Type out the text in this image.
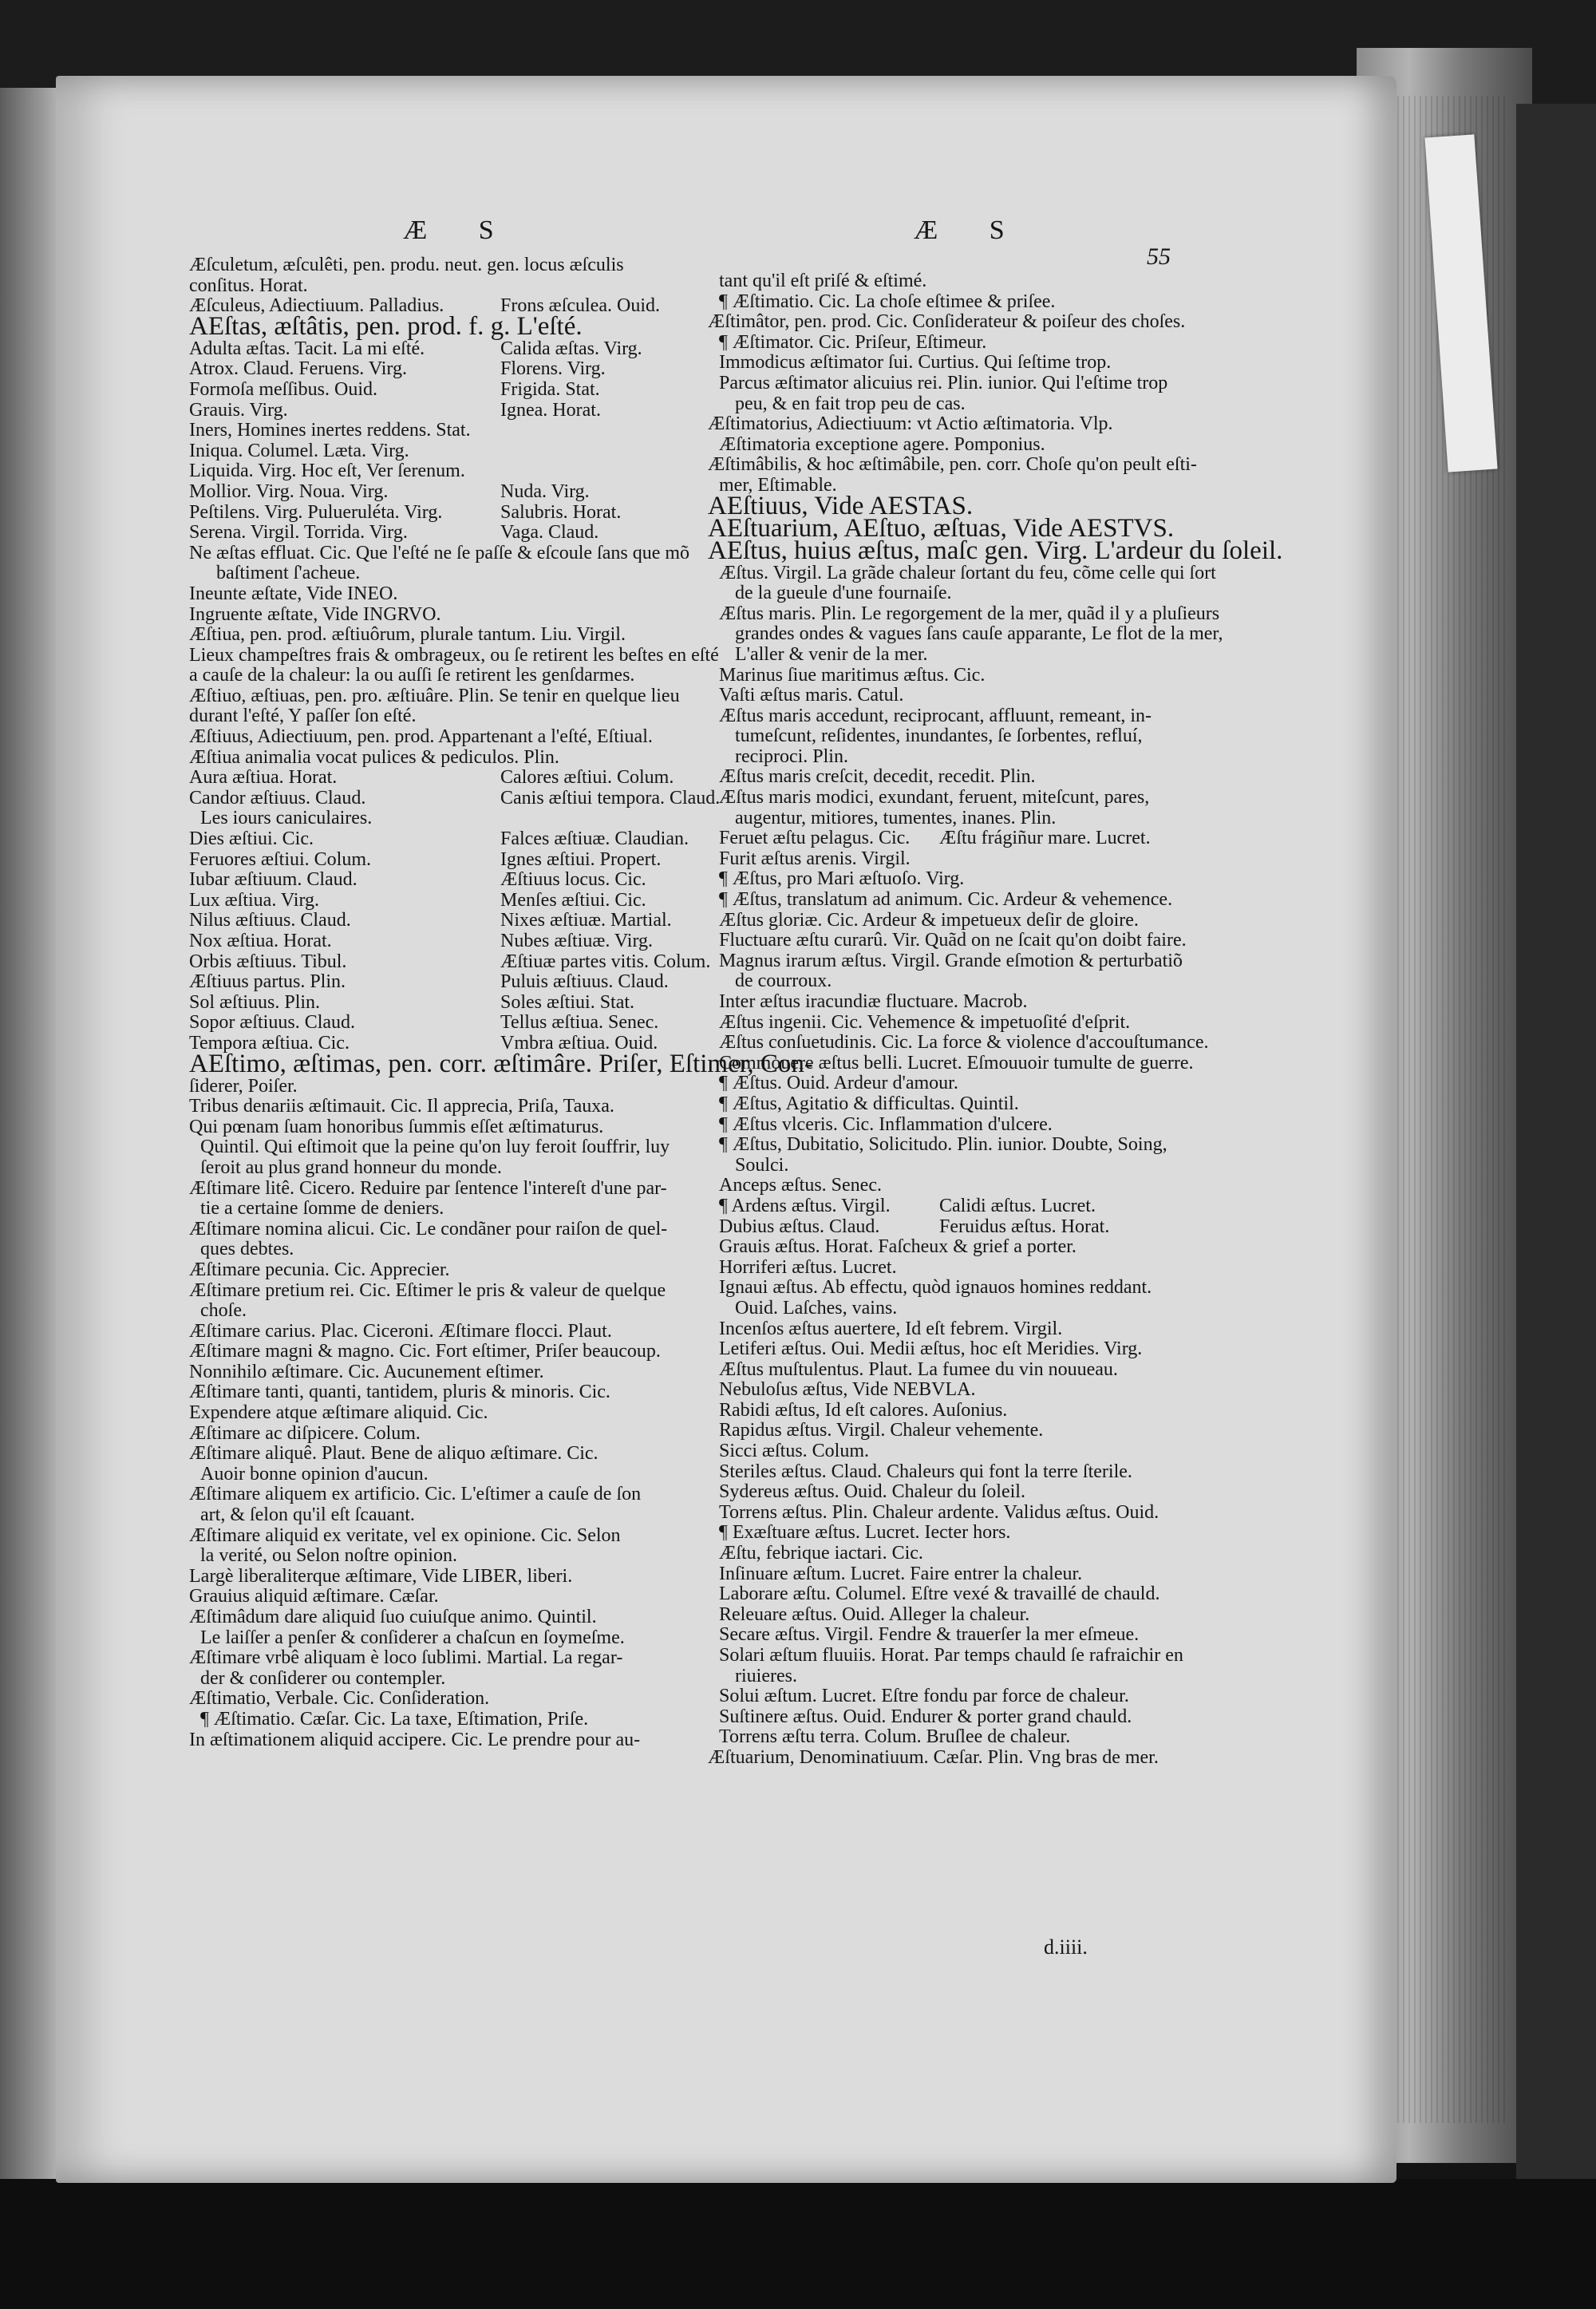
Æ S	Æ S
55
Æſculetum, æſculêti, pen. produ. neut. gen. locus æſculis
conſitus. Horat.
Æſculeus, Adiectiuum. Palladius.	Frons æſculea. Ouid.
AEſtas, æſtâtis, pen. prod. f. g. L'eſté.
Adulta æſtas. Tacit. La mi eſté.	Calida æſtas. Virg.
Atrox. Claud. Feruens. Virg.	Florens. Virg.
Formoſa meſſibus. Ouid.	Frigida. Stat.
Grauis. Virg.	Ignea. Horat.
Iners, Homines inertes reddens. Stat.
Iniqua. Columel. Læta. Virg.
Liquida. Virg. Hoc eſt, Ver ſerenum.
Mollior. Virg. Noua. Virg.	Nuda. Virg.
Peſtilens. Virg. Pulueruléta. Virg.	Salubris. Horat.
Serena. Virgil. Torrida. Virg.	Vaga. Claud.
Ne æſtas effluat. Cic. Que l'eſté ne ſe paſſe & eſcoule ſans que mõ
baſtiment ſ'acheue.
Ineunte æſtate, Vide INEO.
Ingruente æſtate, Vide INGRVO.
Æſtiua, pen. prod. æſtiuôrum, plurale tantum. Liu. Virgil.
Lieux champeſtres frais & ombrageux, ou ſe retirent les beſtes en eſté
a cauſe de la chaleur: la ou auſſi ſe retirent les genſdarmes.
Æſtiuo, æſtiuas, pen. pro. æſtiuâre. Plin. Se tenir en quelque lieu
durant l'eſté, Y paſſer ſon eſté.
Æſtiuus, Adiectiuum, pen. prod. Appartenant a l'eſté, Eſtiual.
Æſtiua animalia vocat pulices & pediculos. Plin.
Aura æſtiua. Horat.	Calores æſtiui. Colum.
Candor æſtiuus. Claud.	Canis æſtiui tempora. Claud.
Les iours caniculaires.
Dies æſtiui. Cic.	Falces æſtiuæ. Claudian.
Feruores æſtiui. Colum.	Ignes æſtiui. Propert.
Iubar æſtiuum. Claud.	Æſtiuus locus. Cic.
Lux æſtiua. Virg.	Menſes æſtiui. Cic.
Nilus æſtiuus. Claud.	Nixes æſtiuæ. Martial.
Nox æſtiua. Horat.	Nubes æſtiuæ. Virg.
Orbis æſtiuus. Tibul.	Æſtiuæ partes vitis. Colum.
Æſtiuus partus. Plin.	Puluis æſtiuus. Claud.
Sol æſtiuus. Plin.	Soles æſtiui. Stat.
Sopor æſtiuus. Claud.	Tellus æſtiua. Senec.
Tempora æſtiua. Cic.	Vmbra æſtiua. Ouid.
AEſtimo, æſtimas, pen. corr. æſtimâre. Priſer, Eſtimer, Con-
ſiderer, Poiſer.
Tribus denariis æſtimauit. Cic. Il apprecia, Priſa, Tauxa.
Qui pœnam ſuam honoribus ſummis eſſet æſtimaturus.
Quintil. Qui eſtimoit que la peine qu'on luy feroit ſouffrir, luy
ſeroit au plus grand honneur du monde.
Æſtimare litê. Cicero. Reduire par ſentence l'intereſt d'une par-
tie a certaine ſomme de deniers.
Æſtimare nomina alicui. Cic. Le condãner pour raiſon de quel-
ques debtes.
Æſtimare pecunia. Cic. Apprecier.
Æſtimare pretium rei. Cic. Eſtimer le pris & valeur de quelque
choſe.
Æſtimare carius. Plac. Ciceroni. Æſtimare flocci. Plaut.
Æſtimare magni & magno. Cic. Fort eſtimer, Priſer beaucoup.
Nonnihilo æſtimare. Cic. Aucunement eſtimer.
Æſtimare tanti, quanti, tantidem, pluris & minoris. Cic.
Expendere atque æſtimare aliquid. Cic.
Æſtimare ac diſpicere. Colum.
Æſtimare aliquê. Plaut. Bene de aliquo æſtimare. Cic.
Auoir bonne opinion d'aucun.
Æſtimare aliquem ex artificio. Cic. L'eſtimer a cauſe de ſon
art, & ſelon qu'il eſt ſcauant.
Æſtimare aliquid ex veritate, vel ex opinione. Cic. Selon
la verité, ou Selon noſtre opinion.
Largè liberaliterque æſtimare, Vide LIBER, liberi.
Grauius aliquid æſtimare. Cæſar.
Æſtimâdum dare aliquid ſuo cuiuſque animo. Quintil.
Le laiſſer a penſer & conſiderer a chaſcun en ſoymeſme.
Æſtimare vrbê aliquam è loco ſublimi. Martial. La regar-
der & conſiderer ou contempler.
Æſtimatio, Verbale. Cic. Conſideration.
¶ Æſtimatio. Cæſar. Cic. La taxe, Eſtimation, Priſe.
In æſtimationem aliquid accipere. Cic. Le prendre pour au-
tant qu'il eſt priſé & eſtimé.
¶ Æſtimatio. Cic. La choſe eſtimee & priſee.
Æſtimâtor, pen. prod. Cic. Conſiderateur & poiſeur des choſes.
¶ Æſtimator. Cic. Priſeur, Eſtimeur.
Immodicus æſtimator ſui. Curtius. Qui ſeſtime trop.
Parcus æſtimator alicuius rei. Plin. iunior. Qui l'eſtime trop
peu, & en fait trop peu de cas.
Æſtimatorius, Adiectiuum: vt Actio æſtimatoria. Vlp.
Æſtimatoria exceptione agere. Pomponius.
Æſtimâbilis, & hoc æſtimâbile, pen. corr. Choſe qu'on peult eſti-
mer, Eſtimable.
AEſtiuus, Vide AESTAS.
AEſtuarium, AEſtuo, æſtuas, Vide AESTVS.
AEſtus, huius æſtus, maſc gen. Virg. L'ardeur du ſoleil.
Æſtus. Virgil. La grãde chaleur ſortant du feu, cõme celle qui ſort
de la gueule d'une fournaiſe.
Æſtus maris. Plin. Le regorgement de la mer, quãd il y a pluſieurs
grandes ondes & vagues ſans cauſe apparante, Le flot de la mer,
L'aller & venir de la mer.
Marinus ſiue maritimus æſtus. Cic.
Vaſti æſtus maris. Catul.
Æſtus maris accedunt, reciprocant, affluunt, remeant, in-
tumeſcunt, reſidentes, inundantes, ſe ſorbentes, refluí,
reciproci. Plin.
Æſtus maris creſcit, decedit, recedit. Plin.
Æſtus maris modici, exundant, feruent, miteſcunt, pares,
augentur, mitiores, tumentes, inanes. Plin.
Feruet æſtu pelagus. Cic. Æſtu frágiñur mare. Lucret.
Furit æſtus arenis. Virgil.
¶ Æſtus, pro Mari æſtuoſo. Virg.
¶ Æſtus, translatum ad animum. Cic. Ardeur & vehemence.
Æſtus gloriæ. Cic. Ardeur & impetueux deſir de gloire.
Fluctuare æſtu curarû. Vir. Quãd on ne ſcait qu'on doibt faire.
Magnus irarum æſtus. Virgil. Grande eſmotion & perturbatiõ
de courroux.
Inter æſtus iracundiæ fluctuare. Macrob.
Æſtus ingenii. Cic. Vehemence & impetuoſité d'eſprit.
Æſtus conſuetudinis. Cic. La force & violence d'accouſtumance.
Commouere æſtus belli. Lucret. Eſmouuoir tumulte de guerre.
¶ Æſtus. Ouid. Ardeur d'amour.
¶ Æſtus, Agitatio & difficultas. Quintil.
¶ Æſtus vlceris. Cic. Inflammation d'ulcere.
¶ Æſtus, Dubitatio, Solicitudo. Plin. iunior. Doubte, Soing,
Soulci.
Anceps æſtus. Senec.
¶ Ardens æſtus. Virgil.	Calidi æſtus. Lucret.
Dubius æſtus. Claud.	Feruidus æſtus. Horat.
Grauis æſtus. Horat. Faſcheux & grief a porter.
Horriferi æſtus. Lucret.
Ignaui æſtus. Ab effectu, quòd ignauos homines reddant.
Ouid. Laſches, vains.
Incenſos æſtus auertere, Id eſt febrem. Virgil.
Letiferi æſtus. Oui. Medii æſtus, hoc eſt Meridies. Virg.
Æſtus muſtulentus. Plaut. La fumee du vin nouueau.
Nebuloſus æſtus, Vide NEBVLA.
Rabidi æſtus, Id eſt calores. Auſonius.
Rapidus æſtus. Virgil. Chaleur vehemente.
Sicci æſtus. Colum.
Steriles æſtus. Claud. Chaleurs qui font la terre ſterile.
Sydereus æſtus. Ouid. Chaleur du ſoleil.
Torrens æſtus. Plin. Chaleur ardente. Validus æſtus. Ouid.
¶ Exæſtuare æſtus. Lucret. Iecter hors.
Æſtu, febrique iactari. Cic.
Inſinuare æſtum. Lucret. Faire entrer la chaleur.
Laborare æſtu. Columel. Eſtre vexé & travaillé de chauld.
Releuare æſtus. Ouid. Alleger la chaleur.
Secare æſtus. Virgil. Fendre & trauerſer la mer eſmeue.
Solari æſtum fluuiis. Horat. Par temps chauld ſe rafraichir en
riuieres.
Solui æſtum. Lucret. Eſtre fondu par force de chaleur.
Suſtinere æſtus. Ouid. Endurer & porter grand chauld.
Torrens æſtu terra. Colum. Bruſlee de chaleur.
Æſtuarium, Denominatiuum. Cæſar. Plin. Vng bras de mer.
d.iiii.
